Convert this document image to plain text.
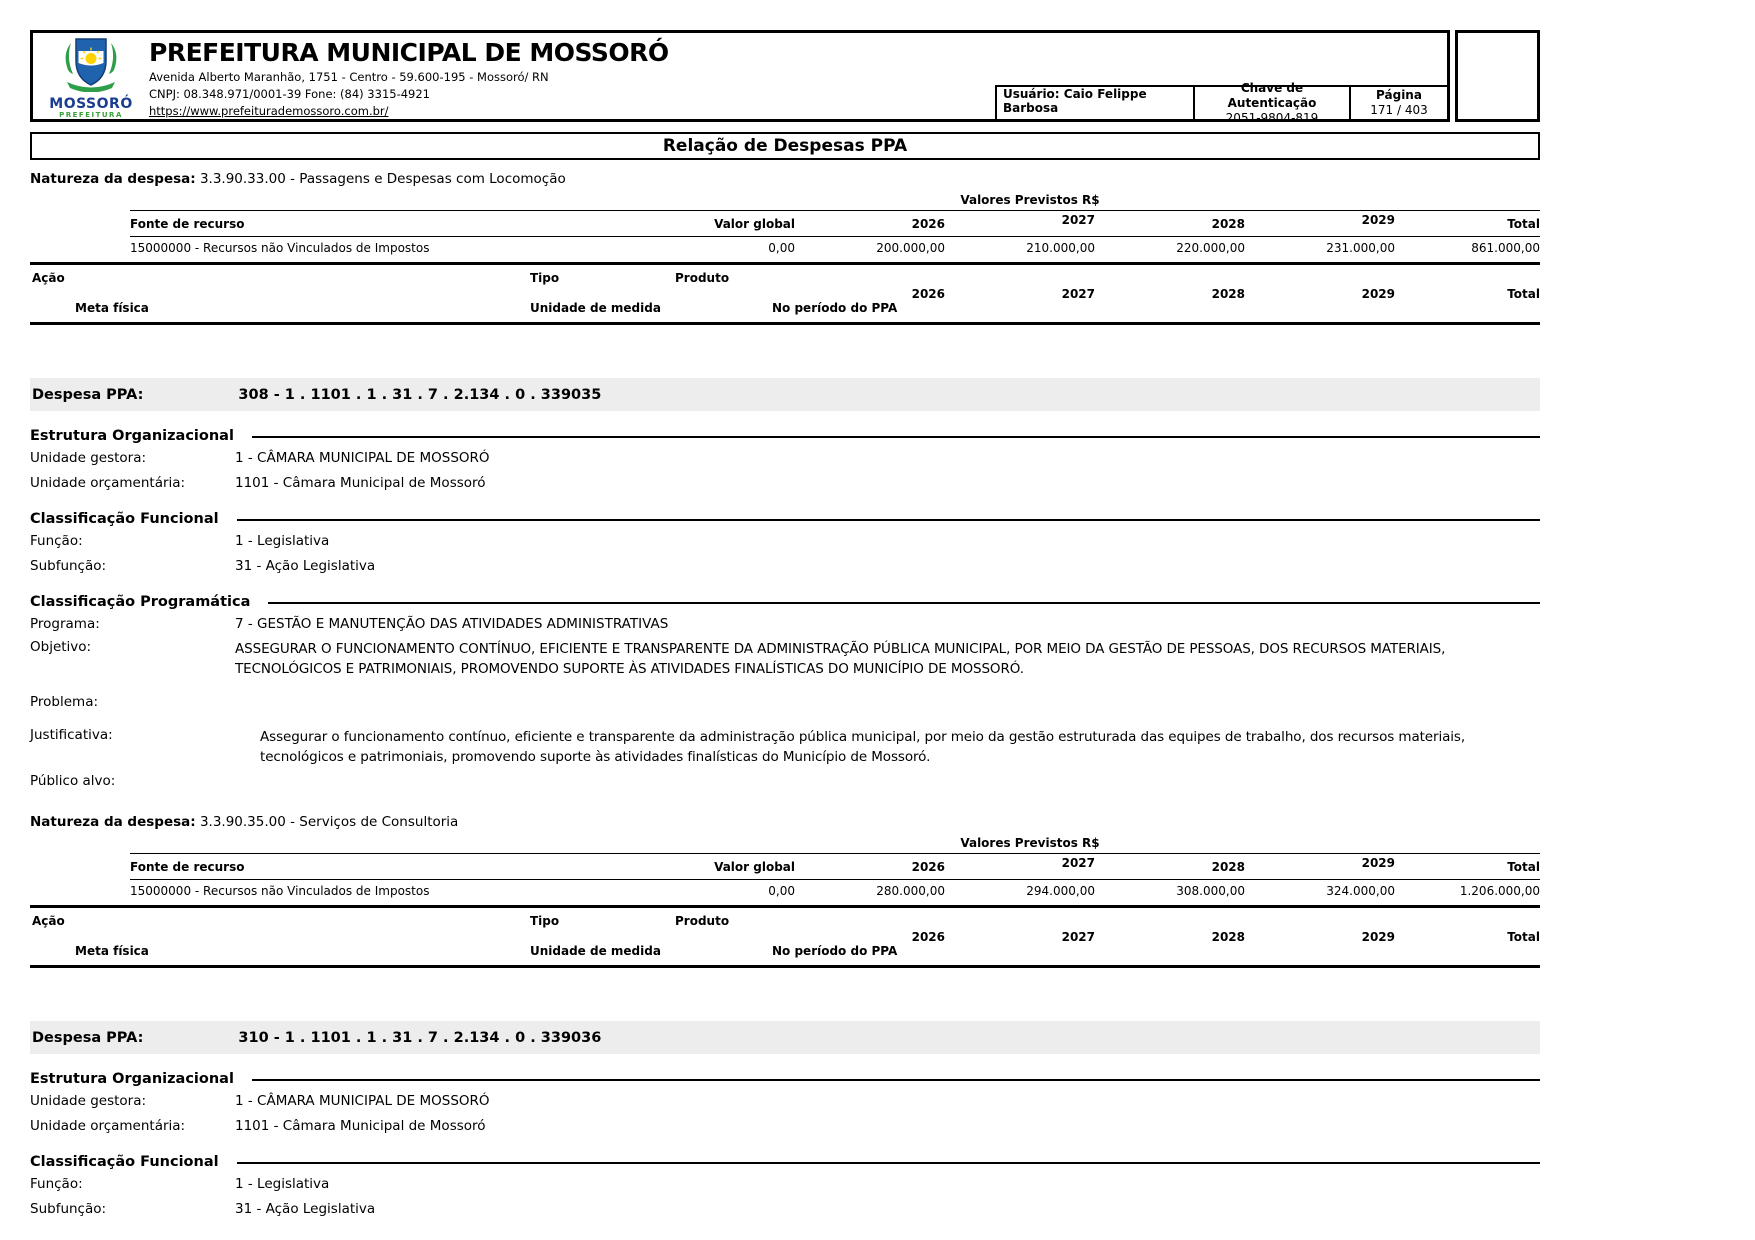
MOSSORÓ
PREFEITURA
PREFEITURA MUNICIPAL DE MOSSORÓ
Avenida Alberto Maranhão, 1751 - Centro - 59.600-195 - Mossoró/ RN
CNPJ: 08.348.971/0001-39 Fone: (84) 3315-4921
https://www.prefeiturademossoro.com.br/
Usuário: Caio Felippe Barbosa
Chave de Autenticação
2051-9804-819
Página
171 / 403
Relação de Despesas PPA
Natureza da despesa: 3.3.90.33.00 - Passagens e Despesas com Locomoção
Valores Previstos R$
Fonte de recurso	Valor global	2026	2027	2028	2029	Total
15000000 - Recursos não Vinculados de Impostos	0,00	200.000,00	210.000,00	220.000,00	231.000,00	861.000,00
Ação	Tipo	Produto
Meta física	Unidade de medida	No período do PPA
2026	2027	2028	2029	Total
Despesa PPA:	308 - 1 . 1101 . 1 . 31 . 7 . 2.134 . 0 . 339035
Estrutura Organizacional
Unidade gestora:	1 - CÂMARA MUNICIPAL DE MOSSORÓ
Unidade orçamentária:	1101 - Câmara Municipal de Mossoró
Classificação Funcional
Função:	1 - Legislativa
Subfunção:	31 - Ação Legislativa
Classificação Programática
Programa:	7 - GESTÃO E MANUTENÇÃO DAS ATIVIDADES ADMINISTRATIVAS
Objetivo:	ASSEGURAR O FUNCIONAMENTO CONTÍNUO, EFICIENTE E TRANSPARENTE DA ADMINISTRAÇÃO PÚBLICA MUNICIPAL, POR MEIO DA GESTÃO DE PESSOAS, DOS RECURSOS MATERIAIS, TECNOLÓGICOS E PATRIMONIAIS, PROMOVENDO SUPORTE ÀS ATIVIDADES FINALÍSTICAS DO MUNICÍPIO DE MOSSORÓ.
Problema:
Justificativa:	Assegurar o funcionamento contínuo, eficiente e transparente da administração pública municipal, por meio da gestão estruturada das equipes de trabalho, dos recursos materiais, tecnológicos e patrimoniais, promovendo suporte às atividades finalísticas do Município de Mossoró.
Público alvo:
Natureza da despesa: 3.3.90.35.00 - Serviços de Consultoria
Valores Previstos R$
Fonte de recurso	Valor global	2026	2027	2028	2029	Total
15000000 - Recursos não Vinculados de Impostos	0,00	280.000,00	294.000,00	308.000,00	324.000,00	1.206.000,00
Ação	Tipo	Produto
Meta física	Unidade de medida	No período do PPA
2026	2027	2028	2029	Total
Despesa PPA:	310 - 1 . 1101 . 1 . 31 . 7 . 2.134 . 0 . 339036
Estrutura Organizacional
Unidade gestora:	1 - CÂMARA MUNICIPAL DE MOSSORÓ
Unidade orçamentária:	1101 - Câmara Municipal de Mossoró
Classificação Funcional
Função:	1 - Legislativa
Subfunção:	31 - Ação Legislativa
